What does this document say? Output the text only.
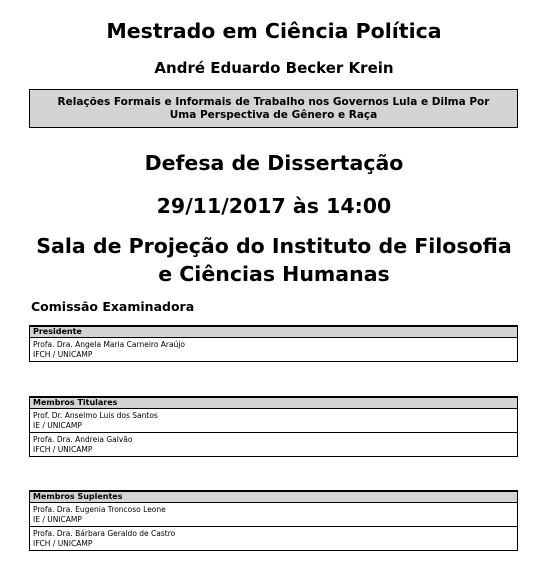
Mestrado em Ciência Política
André Eduardo Becker Krein
Relações Formais e Informais de Trabalho nos Governos Lula e Dilma Por Uma Perspectiva de Gênero e Raça
Defesa de Dissertação
29/11/2017 às 14:00
Sala de Projeção do Instituto de Filosofia
e Ciências Humanas
Comissão Examinadora
Presidente
Profa. Dra. Angela Maria Carneiro Araújo
IFCH / UNICAMP
Membros Titulares
Prof. Dr. Anselmo Luis dos Santos
IE / UNICAMP
Profa. Dra. Andreia Galvão
IFCH / UNICAMP
Membros Suplentes
Profa. Dra. Eugenia Troncoso Leone
IE / UNICAMP
Profa. Dra. Bárbara Geraldo de Castro
IFCH / UNICAMP
